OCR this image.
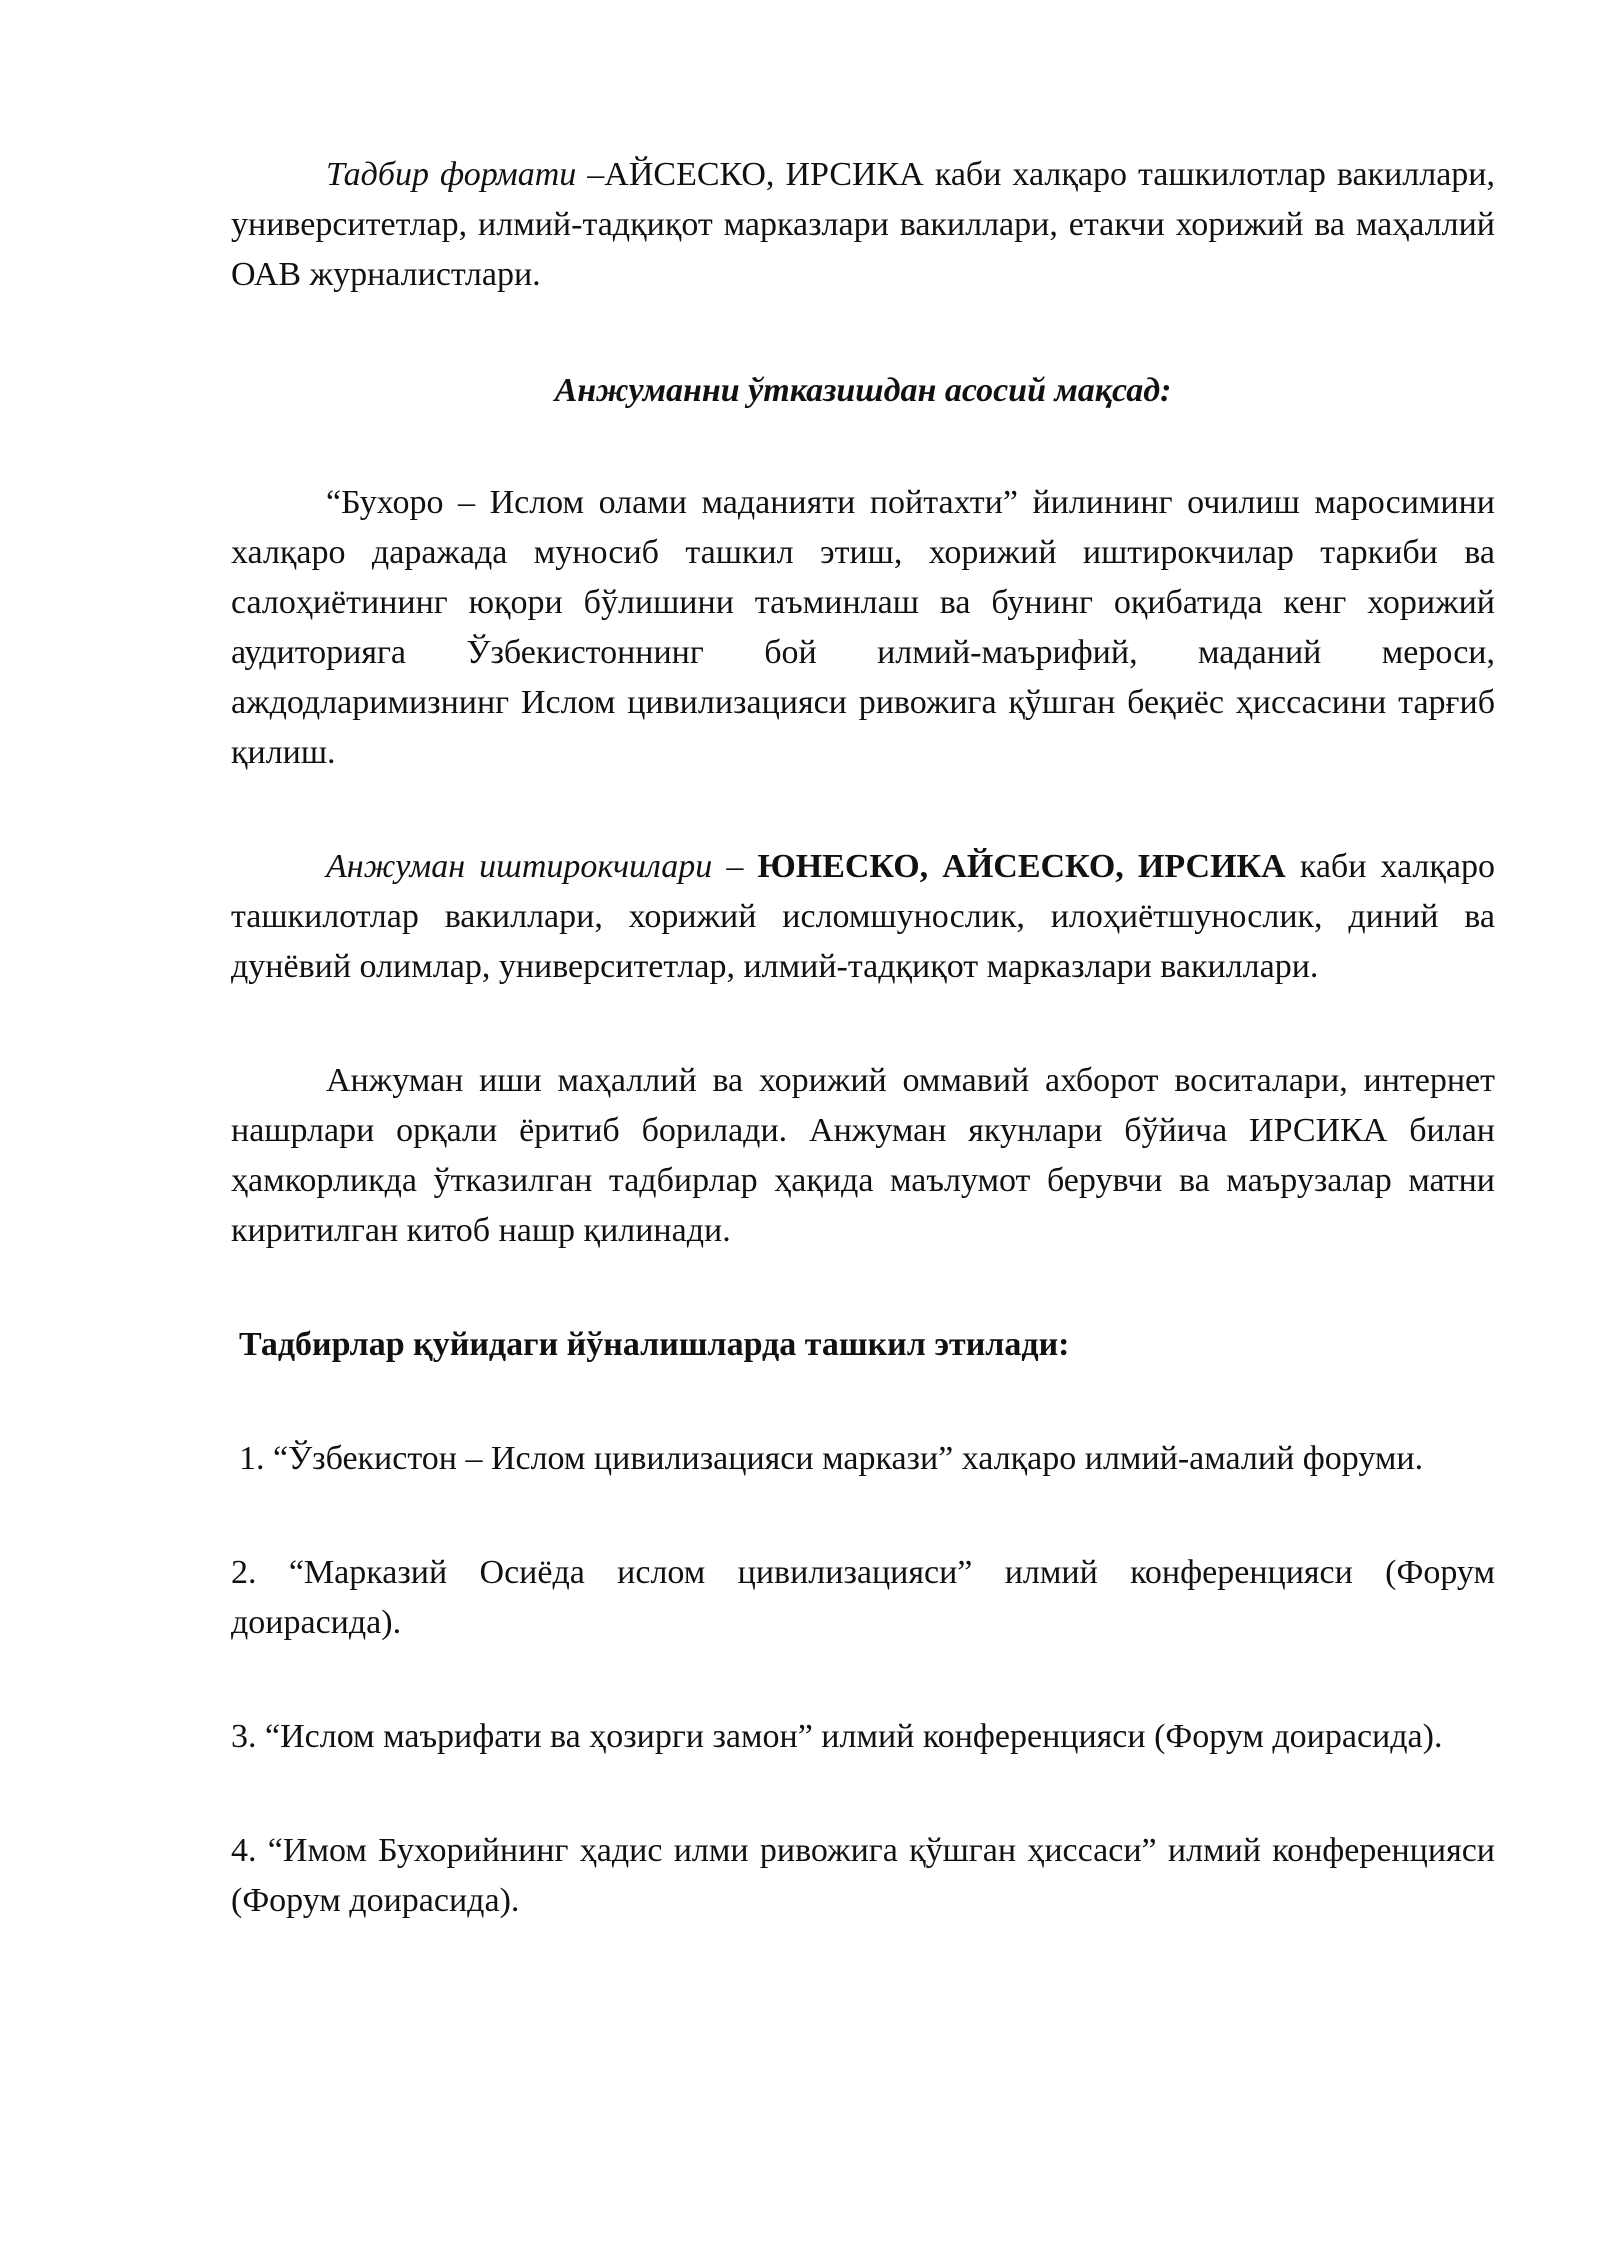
Тадбир формати –АЙСЕСКО, ИРСИКА каби халқаро ташкилотлар вакиллари, университетлар, илмий-тадқиқот марказлари вакиллари, етакчи хорижий ва маҳаллий ОАВ журналистлари.

Анжуманни ўтказишдан асосий мақсад:

“Бухоро – Ислом олами маданияти пойтахти” йилининг очилиш маросимини халқаро даражада муносиб ташкил этиш, хорижий иштирокчилар таркиби ва салоҳиётининг юқори бўлишини таъминлаш ва бунинг оқибатида кенг хорижий аудиторияга Ўзбекистоннинг бой илмий-маърифий, маданий мероси, аждодларимизнинг Ислом цивилизацияси ривожига қўшган беқиёс ҳиссасини тарғиб қилиш.

Анжуман иштирокчилари – ЮНЕСКО, АЙСЕСКО, ИРСИКА каби халқаро ташкилотлар вакиллари, хорижий исломшунослик, илоҳиётшунослик, диний ва дунёвий олимлар, университетлар, илмий-тадқиқот марказлари вакиллари.

Анжуман иши маҳаллий ва хорижий оммавий ахборот воситалари, интернет нашрлари орқали ёритиб борилади. Анжуман якунлари бўйича ИРСИКА билан ҳамкорликда ўтказилган тадбирлар ҳақида маълумот берувчи ва маърузалар матни киритилган китоб нашр қилинади.

Тадбирлар қуйидаги йўналишларда ташкил этилади:

1. “Ўзбекистон – Ислом цивилизацияси маркази” халқаро илмий-амалий форуми.

2. “Марказий Осиёда ислом цивилизацияси” илмий конференцияси (Форум доирасида).

3. “Ислом маърифати ва ҳозирги замон” илмий конференцияси (Форум доирасида).

4. “Имом Бухорийнинг ҳадис илми ривожига қўшган ҳиссаси” илмий конференцияси (Форум доирасида).
